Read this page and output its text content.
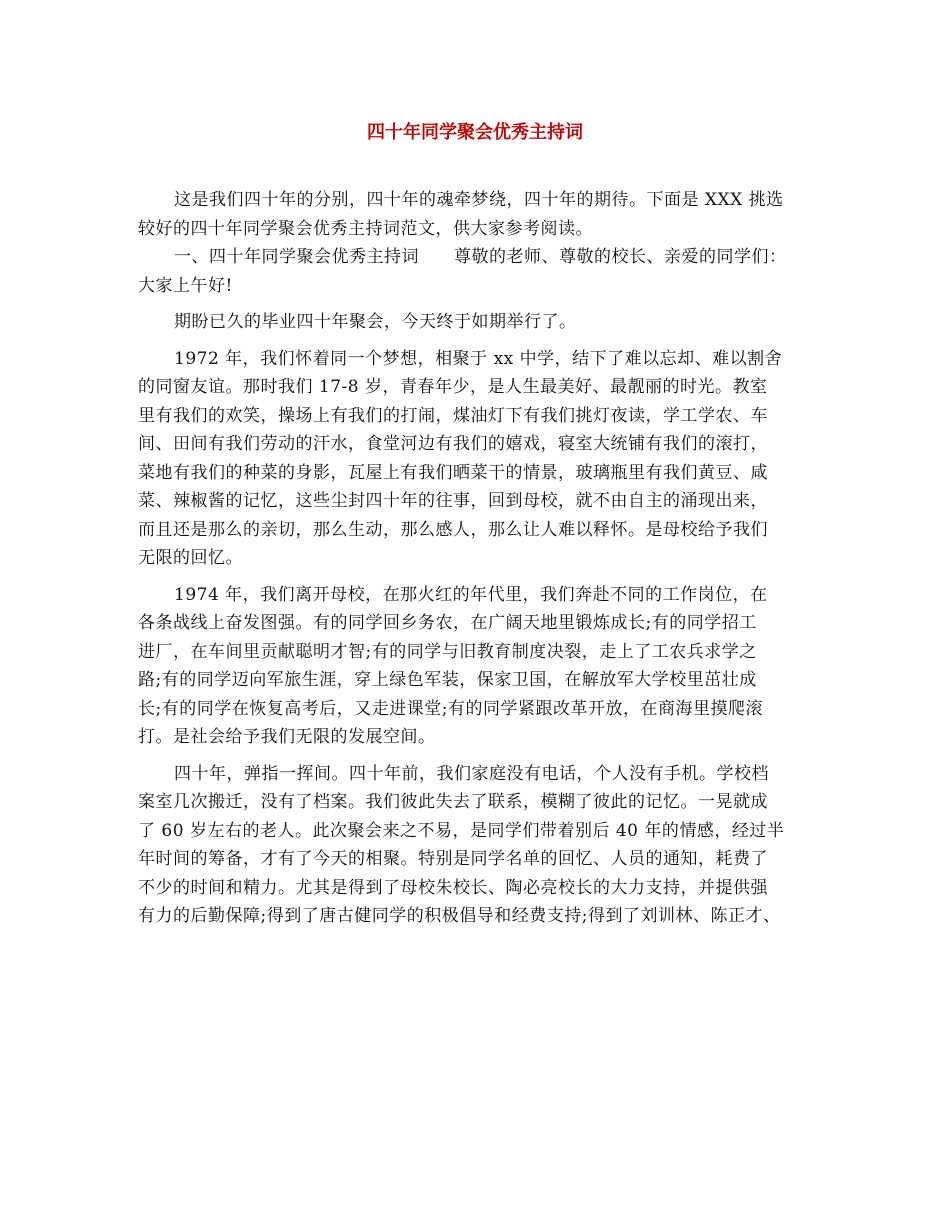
四十年同学聚会优秀主持词
这是我们四十年的分别，四十年的魂牵梦绕，四十年的期待。下面是 XXX 挑选
较好的四十年同学聚会优秀主持词范文，供大家参考阅读。
一、四十年同学聚会优秀主持词　　尊敬的老师、尊敬的校长、亲爱的同学们：
大家上午好!
期盼已久的毕业四十年聚会，今天终于如期举行了。
1972 年，我们怀着同一个梦想，相聚于 xx 中学，结下了难以忘却、难以割舍
的同窗友谊。那时我们 17-8 岁，青春年少，是人生最美好、最靓丽的时光。教室
里有我们的欢笑，操场上有我们的打闹，煤油灯下有我们挑灯夜读，学工学农、车
间、田间有我们劳动的汗水，食堂河边有我们的嬉戏，寝室大统铺有我们的滚打，
菜地有我们的种菜的身影，瓦屋上有我们晒菜干的情景，玻璃瓶里有我们黄豆、咸
菜、辣椒酱的记忆，这些尘封四十年的往事，回到母校，就不由自主的涌现出来，
而且还是那么的亲切，那么生动，那么感人，那么让人难以释怀。是母校给予我们
无限的回忆。
1974 年，我们离开母校，在那火红的年代里，我们奔赴不同的工作岗位，在
各条战线上奋发图强。有的同学回乡务农，在广阔天地里锻炼成长;有的同学招工
进厂，在车间里贡献聪明才智;有的同学与旧教育制度决裂，走上了工农兵求学之
路;有的同学迈向军旅生涯，穿上绿色军装，保家卫国，在解放军大学校里茁壮成
长;有的同学在恢复高考后，又走进课堂;有的同学紧跟改革开放，在商海里摸爬滚
打。是社会给予我们无限的发展空间。
四十年，弹指一挥间。四十年前，我们家庭没有电话，个人没有手机。学校档
案室几次搬迁，没有了档案。我们彼此失去了联系，模糊了彼此的记忆。一晃就成
了 60 岁左右的老人。此次聚会来之不易，是同学们带着别后 40 年的情感，经过半
年时间的筹备，才有了今天的相聚。特别是同学名单的回忆、人员的通知，耗费了
不少的时间和精力。尤其是得到了母校朱校长、陶必亮校长的大力支持，并提供强
有力的后勤保障;得到了唐古健同学的积极倡导和经费支持;得到了刘训林、陈正才、
